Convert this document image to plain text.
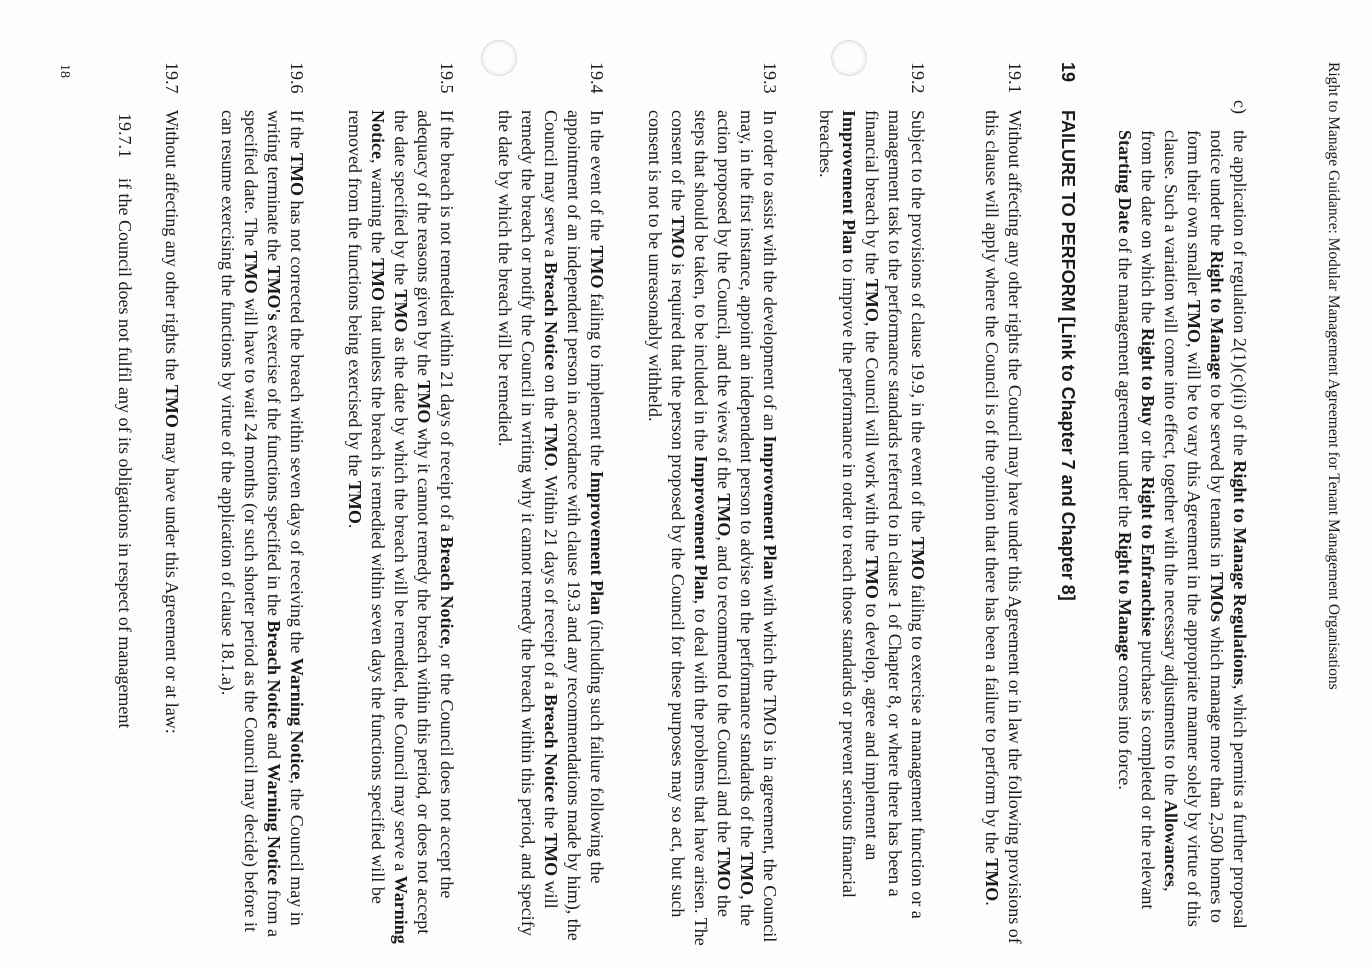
Right to Manage Guidance: Modular Management Agreement for Tenant Management Organisations
c)
the application of regulation 2(1)(c)(ii) of the Right to Manage Regulations, which permits a further proposal notice under the Right to Manage to be served by tenants in TMOs which manage more than 2,500 homes to form their own smaller TMO, will be to vary this Agreement in the appropriate manner solely by virtue of this clause. Such a variation will come into effect, together with the necessary adjustments to the Allowances, from the date on which the Right to Buy or the Right to Enfranchise purchase is completed or the relevant Starting Date of the management agreement under the Right to Manage comes into force.
19
FAILURE TO PERFORM [Link to Chapter 7 and Chapter 8]
19.1
Without affecting any other rights the Council may have under this Agreement or in law the following provisions of this clause will apply where the Council is of the opinion that there has been a failure to perform by the TMO.
19.2
Subject to the provisions of clause 19.9, in the event of the TMO failing to exercise a management function or a management task to the performance standards referred to in clause 1 of Chapter 8, or where there has been a financial breach by the TMO, the Council will work with the TMO to develop, agree and implement an Improvement Plan to improve the performance in order to reach those standards or prevent serious financial breaches.
19.3
In order to assist with the development of an Improvement Plan with which the TMO is in agreement, the Council may, in the first instance, appoint an independent person to advise on the performance standards of the TMO, the action proposed by the Council, and the views of the TMO, and to recommend to the Council and the TMO the steps that should be taken, to be included in the Improvement Plan, to deal with the problems that have arisen. The consent of the TMO is required that the person proposed by the Council for these purposes may so act, but such consent is not to be unreasonably withheld.
19.4
In the event of the TMO failing to implement the Improvement Plan (including such failure following the appointment of an independent person in accordance with clause 19.3 and any recommendations made by him), the Council may serve a Breach Notice on the TMO. Within 21 days of receipt of a Breach Notice the TMO will remedy the breach or notify the Council in writing why it cannot remedy the breach within this period, and specify the date by which the breach will be remedied.
19.5
If the breach is not remedied within 21 days of receipt of a Breach Notice, or the Council does not accept the adequacy of the reasons given by the TMO why it cannot remedy the breach within this period, or does not accept the date specified by the TMO as the date by which the breach will be remedied, the Council may serve a Warning Notice, warning the TMO that unless the breach is remedied within seven days the functions specified will be removed from the functions being exercised by the TMO.
19.6
If the TMO has not corrected the breach within seven days of receiving the Warning Notice, the Council may in writing terminate the TMO's exercise of the functions specified in the Breach Notice and Warning Notice from a specified date. The TMO will have to wait 24 months (or such shorter period as the Council may decide) before it can resume exercising the functions by virtue of the application of clause 18.1.a).
19.7
Without affecting any other rights the TMO may have under this Agreement or at law:
19.7.1
if the Council does not fulfil any of its obligations in respect of management
18
